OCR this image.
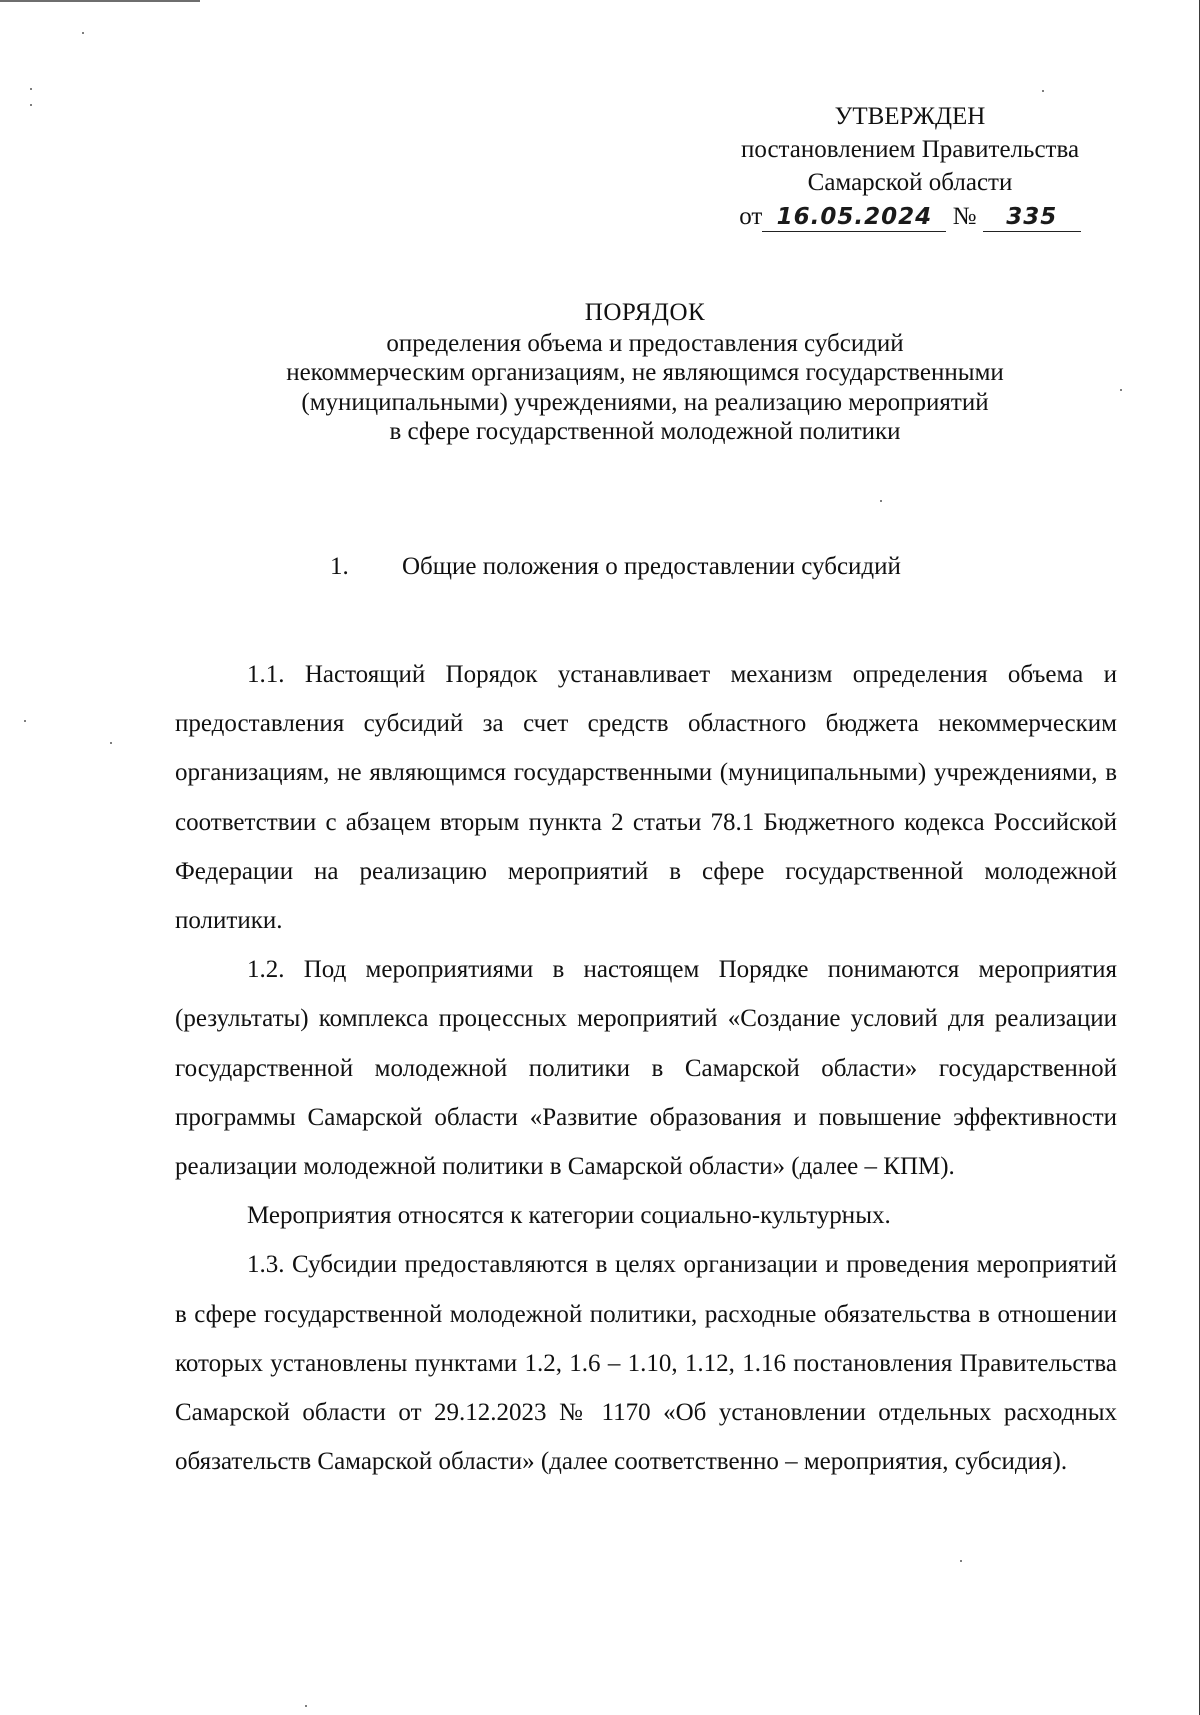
УТВЕРЖДЕН
постановлением Правительства
Самарской области
от 16.05.2024 № 335
ПОРЯДОК
определения объема и предоставления субсидий
некоммерческим организациям, не являющимся государственными
(муниципальными) учреждениями, на реализацию мероприятий
в сфере государственной молодежной политики
1. Общие положения о предоставлении субсидий

1.1. Настоящий Порядок устанавливает механизм определения объема и предоставления субсидий за счет средств областного бюджета некоммерческим организациям, не являющимся государственными (муниципальными) учреждениями, в соответствии с абзацем вторым пункта 2 статьи 78.1 Бюджетного кодекса Российской Федерации на реализацию мероприятий в сфере государственной молодежной политики.

1.2. Под мероприятиями в настоящем Порядке понимаются мероприятия (результаты) комплекса процессных мероприятий «Создание условий для реализации государственной молодежной политики в Самарской области» государственной программы Самарской области «Развитие образования и повышение эффективности реализации молодежной политики в Самарской области» (далее – КПМ).

Мероприятия относятся к категории социально-культурных.

1.3. Субсидии предоставляются в целях организации и проведения мероприятий в сфере государственной молодежной политики, расходные обязательства в отношении которых установлены пунктами 1.2, 1.6 – 1.10, 1.12, 1.16 постановления Правительства Самарской области от 29.12.2023 № 1170 «Об установлении отдельных расходных обязательств Самарской области» (далее соответственно – мероприятия, субсидия).
